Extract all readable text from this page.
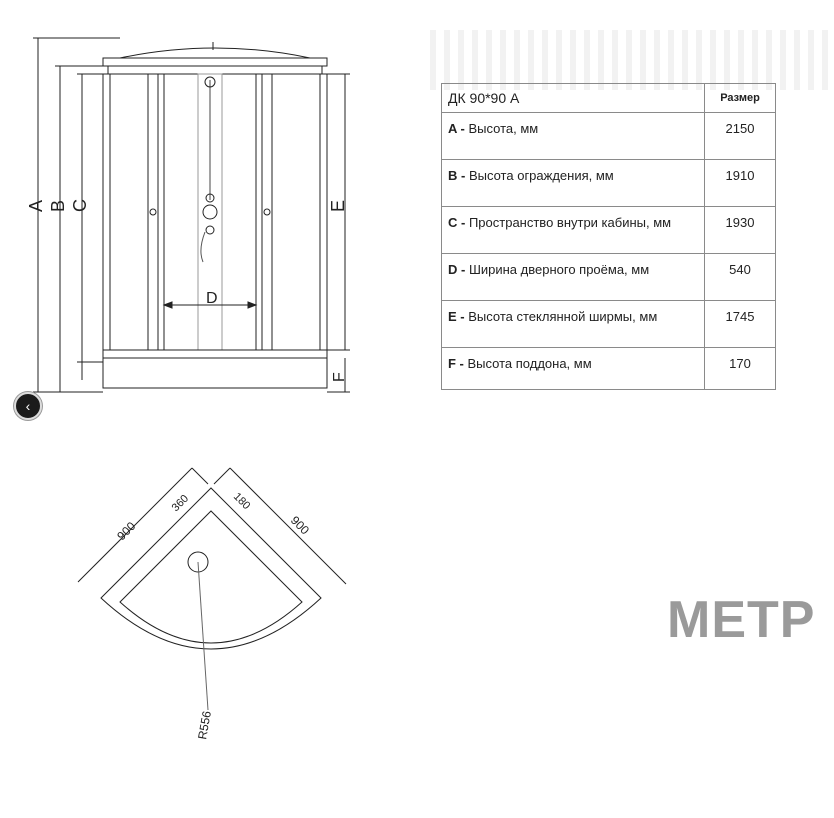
D
A B C	E
F
900	900
360	180
R556
ДК 90*90 А	Размер
A - Высота, мм	2150
B - Высота ограждения, мм	1910
C - Пространство внутри кабины, мм	1930
D - Ширина дверного проёма, мм	540
E - Высота стеклянной ширмы, мм	1745
F - Высота поддона, мм	170
МЕТР
‹
